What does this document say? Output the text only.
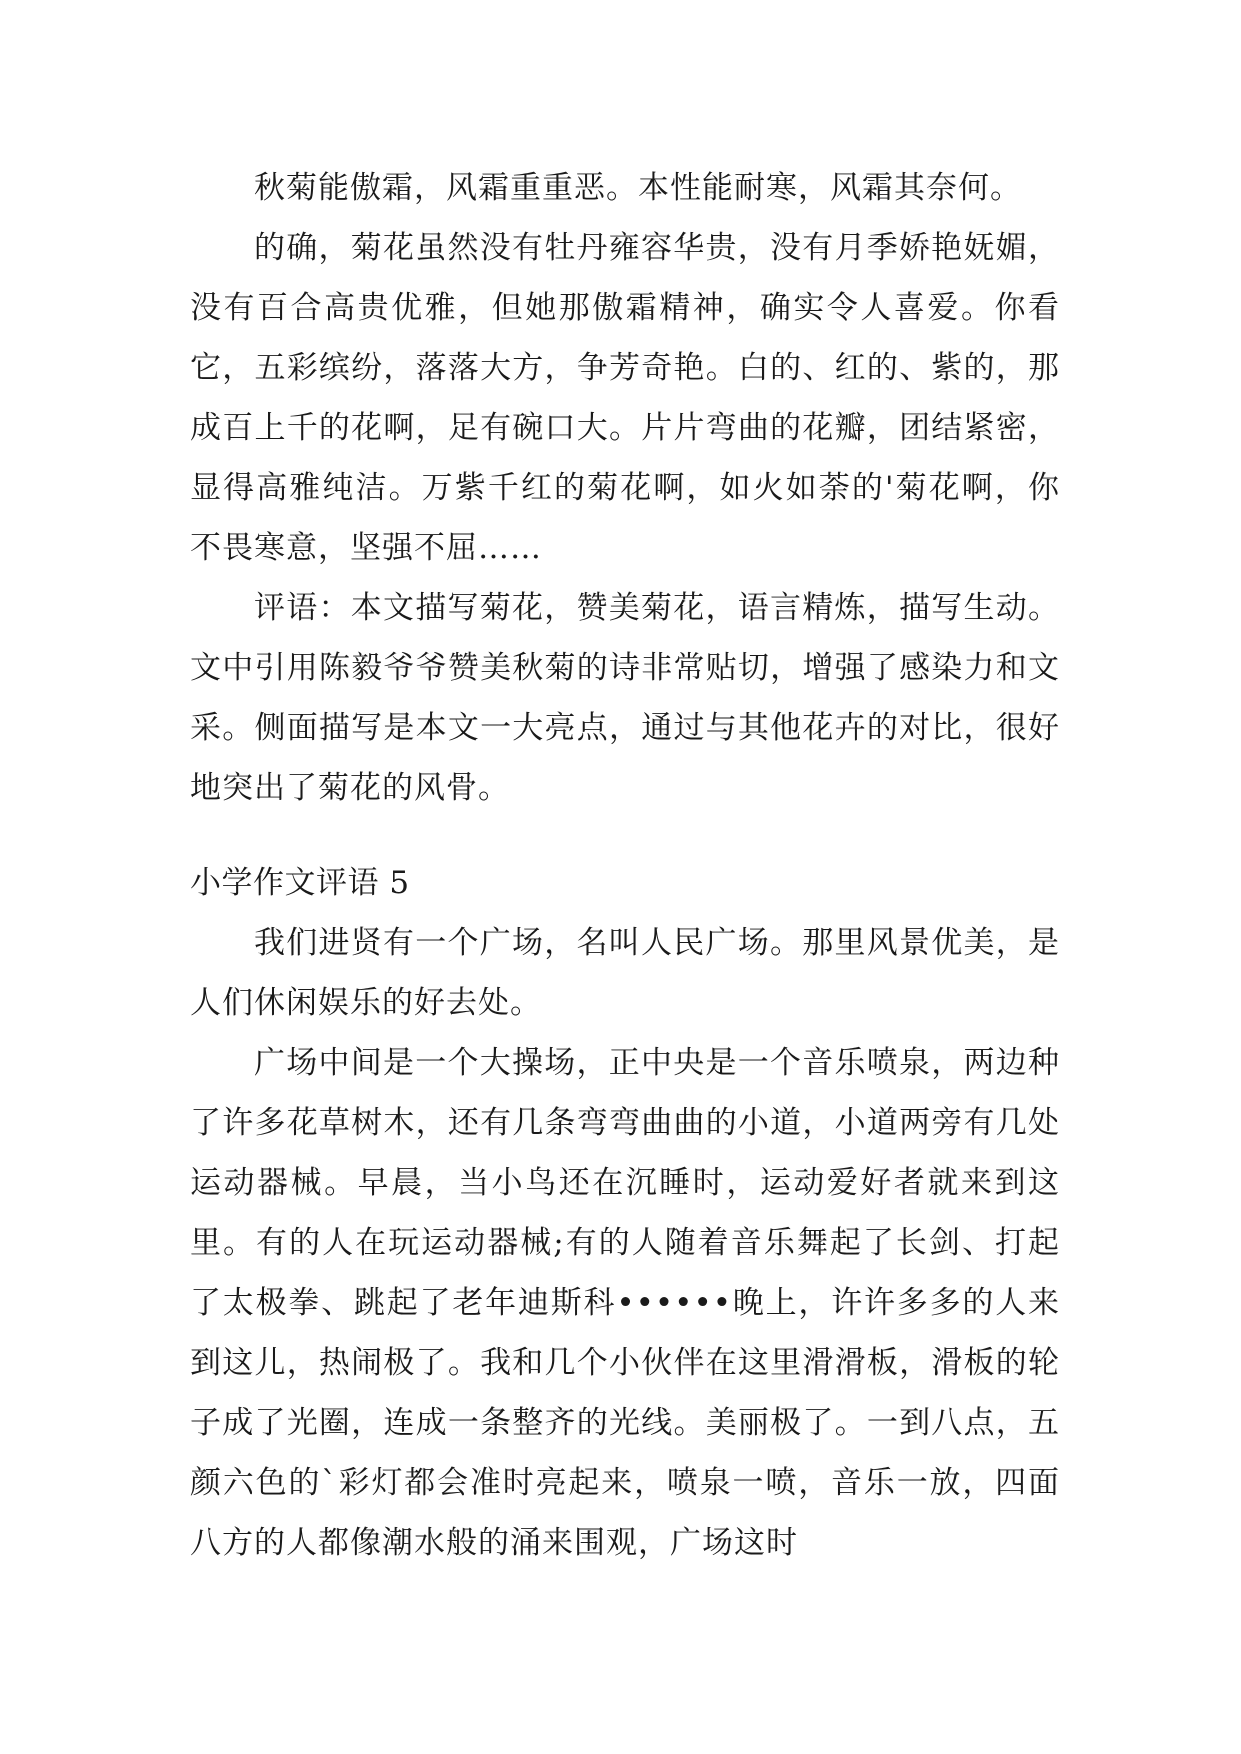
秋菊能傲霜，风霜重重恶。本性能耐寒，风霜其奈何。

的确，菊花虽然没有牡丹雍容华贵，没有月季娇艳妩媚，没有百合高贵优雅，但她那傲霜精神，确实令人喜爱。你看它，五彩缤纷，落落大方，争芳奇艳。白的、红的、紫的，那成百上千的花啊，足有碗口大。片片弯曲的花瓣，团结紧密，显得高雅纯洁。万紫千红的菊花啊，如火如荼的'菊花啊，你不畏寒意，坚强不屈……

评语：本文描写菊花，赞美菊花，语言精炼，描写生动。文中引用陈毅爷爷赞美秋菊的诗非常贴切，增强了感染力和文采。侧面描写是本文一大亮点，通过与其他花卉的对比，很好地突出了菊花的风骨。

小学作文评语 5

我们进贤有一个广场，名叫人民广场。那里风景优美，是人们休闲娱乐的好去处。

广场中间是一个大操场，正中央是一个音乐喷泉，两边种了许多花草树木，还有几条弯弯曲曲的小道，小道两旁有几处运动器械。早晨，当小鸟还在沉睡时，运动爱好者就来到这里。有的人在玩运动器械;有的人随着音乐舞起了长剑、打起了太极拳、跳起了老年迪斯科••••••晚上，许许多多的人来到这儿，热闹极了。我和几个小伙伴在这里滑滑板，滑板的轮子成了光圈，连成一条整齐的光线。美丽极了。一到八点，五颜六色的`彩灯都会准时亮起来，喷泉一喷，音乐一放，四面八方的人都像潮水般的涌来围观，广场这时
